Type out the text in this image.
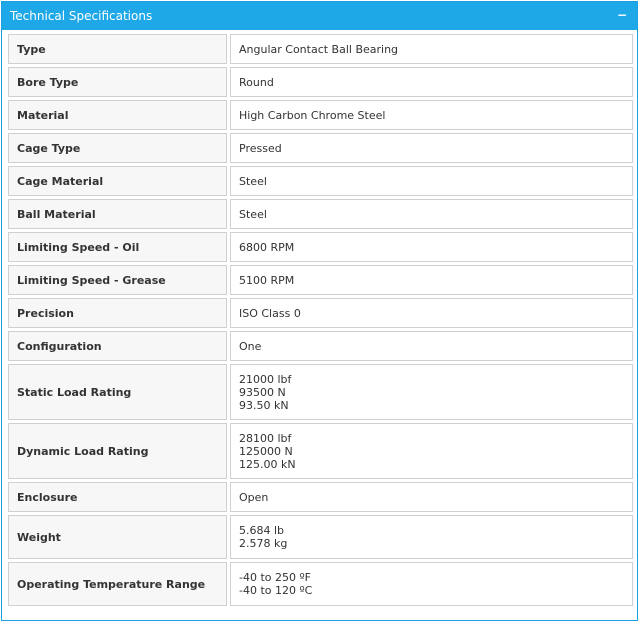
Technical Specifications	−
Type	Angular Contact Ball Bearing

Bore Type	Round

Material	High Carbon Chrome Steel

Cage Type	Pressed

Cage Material	Steel

Ball Material	Steel

Limiting Speed - Oil	6800 RPM

Limiting Speed - Grease	5100 RPM

Precision	ISO Class 0

Configuration	One

Static Load Rating	21000 lbf
93500 N
93.50 kN

Dynamic Load Rating	28100 lbf
125000 N
125.00 kN

Enclosure	Open

Weight	5.684 lb
2.578 kg

Operating Temperature Range	-40 to 250 ºF
-40 to 120 ºC
